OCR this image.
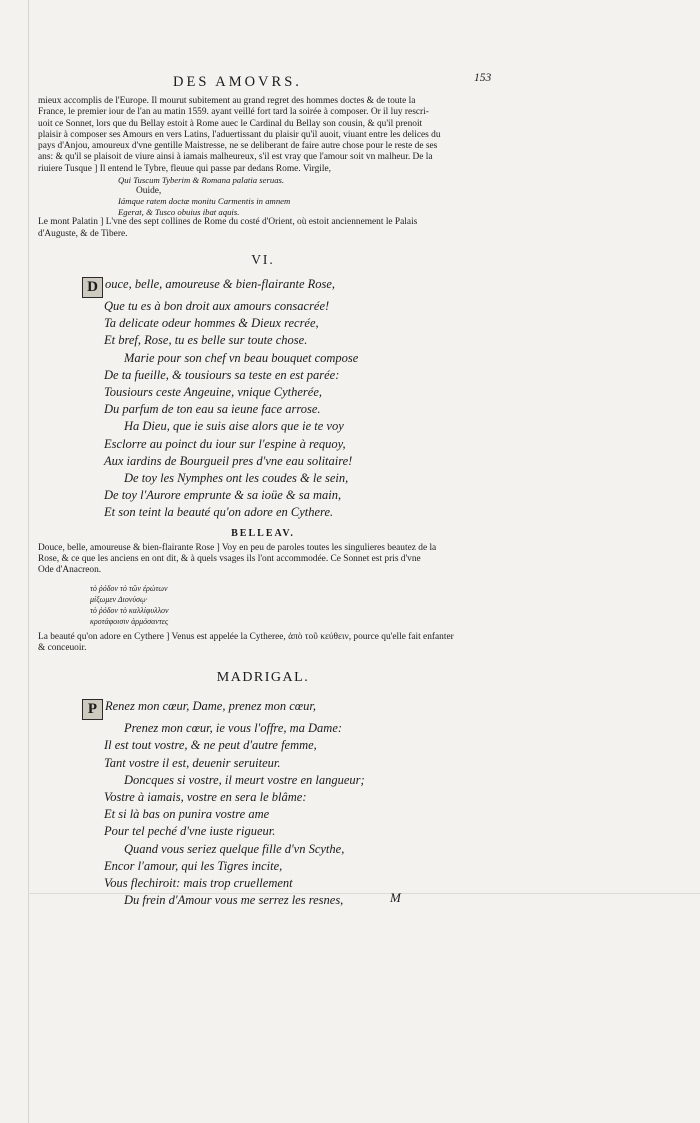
DES AMOVRS.	153

mieux accomplis de l'Europe. Il mourut subitement au grand regret des hommes doctes & de toute la

France, le premier iour de l'an au matin 1559. ayant veillé fort tard la soirée à composer. Or il luy rescri-

uoit ce Sonnet, lors que du Bellay estoit à Rome auec le Cardinal du Bellay son cousin, & qu'il prenoit

plaisir à composer ses Amours en vers Latins, l'aduertissant du plaisir qu'il auoit, viuant entre les delices du

pays d'Anjou, amoureux d'vne gentille Maistresse, ne se deliberant de faire autre chose pour le reste de ses

ans: & qu'il se plaisoit de viure ainsi à iamais malheureux, s'il est vray que l'amour soit vn malheur. De la

riuiere Tusque ] Il entend le Tybre, fleuue qui passe par dedans Rome. Virgile,

Qui Tuscum Tyberim & Romana palatia seruas.

Ouide,

Iámque ratem doctæ monitu Carmentis in amnem

Egerat, & Tusco obuius ibat aquis.

Le mont Palatin ] L'vne des sept collines de Rome du costé d'Orient, où estoit anciennement le Palais

d'Auguste, & de Tibere.

VI.
D ouce, belle, amoureuse & bien-flairante Rose,
Que tu es à bon droit aux amours consacrée!
Ta delicate odeur hommes & Dieux recrée,
Et bref, Rose, tu es belle sur toute chose.
Marie pour son chef vn beau bouquet compose
De ta fueille, & tousiours sa teste en est parée:
Tousiours ceste Angeuine, vnique Cytherée,
Du parfum de ton eau sa ieune face arrose.
Ha Dieu, que ie suis aise alors que ie te voy
Esclorre au poinct du iour sur l'espine à requoy,
Aux iardins de Bourgueil pres d'vne eau solitaire!
De toy les Nymphes ont les coudes & le sein,
De toy l'Aurore emprunte & sa ioüe & sa main,
Et son teint la beauté qu'on adore en Cythere.
BELLEAV.

Douce, belle, amoureuse & bien-flairante Rose ] Voy en peu de paroles toutes les singulieres beautez de la

Rose, & ce que les anciens en ont dit, & à quels vsages ils l'ont accommodée. Ce Sonnet est pris d'vne

Ode d'Anacreon.

τὸ ῥόδον τὸ τῶν ἐρώτων
μίξωμεν Διονύσῳ·
τὸ ῥόδον τὸ καλλίφυλλον
κροτάφοισιν ἁρμόσαντες

La beauté qu'on adore en Cythere ] Venus est appelée la Cytheree, ἀπὸ τοῦ κεύθειν, pource qu'elle fait enfanter

& conceuoir.

MADRIGAL.
P Renez mon cœur, Dame, prenez mon cœur,
Prenez mon cœur, ie vous l'offre, ma Dame:
Il est tout vostre, & ne peut d'autre femme,
Tant vostre il est, deuenir seruiteur.
Doncques si vostre, il meurt vostre en langueur;
Vostre à iamais, vostre en sera le blâme:
Et si là bas on punira vostre ame
Pour tel peché d'vne iuste rigueur.
Quand vous seriez quelque fille d'vn Scythe,
Encor l'amour, qui les Tigres incite,
Vous flechiroit: mais trop cruellement
Du frein d'Amour vous me serrez les resnes,	M
